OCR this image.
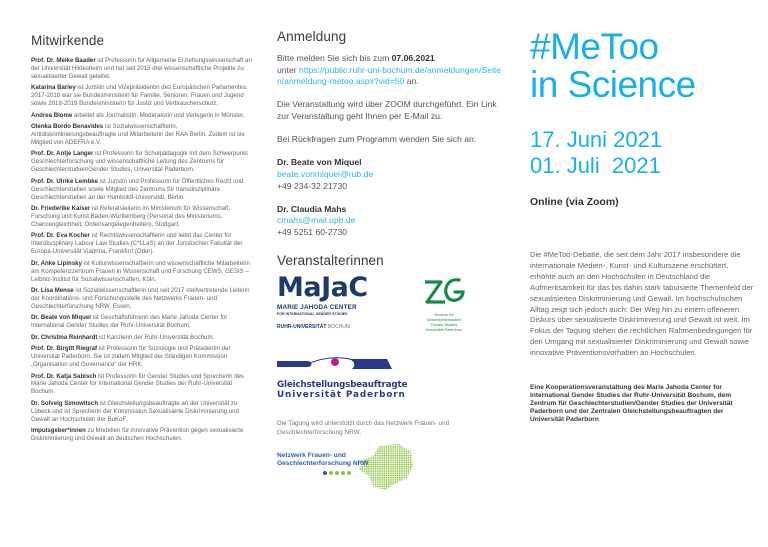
Mitwirkende

Prof. Dr. Meike Baader ist Professorin für Allgemeine Erziehungswissenschaft an der Universität Hildesheim und hat seit 2015 drei wissenschaftliche Projekte zu sexualisierter Gewalt geleitet.

Katarina Barley ist Juristin und Vizepräsidentin des Europäischen Parlamentes. 2017-2018 war sie Bundesministerin für Familie, Senioren, Frauen und Jugend sowie 2018-2019 Bundesministerin für Justiz und Verbraucherschutz.

Andrea Blome arbeitet als Journalistin, Moderatorin und Verlegerin in Münster.

Olenka Bordo Benavides ist Sozialwissenschaftlerin, Antidiskriminierungsbeauftragte und Mitarbeiterin der RAA Berlin. Zudem ist sie Mitglied von ADEFRA e.V.

Prof. Dr. Antje Langer ist Professorin für Schulpädagogik mit dem Schwerpunkt Geschlechterforschung und wissenschaftliche Leitung des Zentrums für Geschlechterstudien/Gender Studies, Universität Paderborn.

Prof. Dr. Ulrike Lembke ist Juristin und Professorin für Öffentliches Recht und Geschlechterstudien sowie Mitglied des Zentrums für transdisziplinäre Geschlechterstudien an der Humboldt-Universität, Berlin.

Dr. Friederike Kaiser ist Referatsleiterin im Ministerium für Wissenschaft, Forschung und Kunst Baden-Württemberg (Personal des Ministeriums, Chancengleichheit, Ordensangelegenheiten), Stuttgart.

Prof. Dr. Eva Kocher ist Rechtswissenschaftlerin und leitet das Center for Interdisciplinary Labour Law Studies (C*LLaS) an der Juristischen Fakultät der Europa-Universität Viadrina, Frankfurt (Oder).

Dr. Anke Lipinsky ist Kulturwissenschaftlerin und wissenschaftliche Mitarbeiterin am Kompetenzzentrum Frauen in Wissenschaft und Forschung CEWS, GESIS – Leibniz-Institut für Sozialwissenschaften, Köln.

Dr. Lisa Mense ist Sozialwissenschaftlerin und seit 2017 stellvertretende Leiterin der Koordinations- und Forschungsstelle des Netzwerks Frauen- und Geschlechterforschung NRW, Essen.

Dr. Beate von Miquel ist Geschäftsführerin des Marie Jahoda Center for International Gender Studies der Ruhr-Universität Bochum.

Dr. Christina Reinhardt ist Kanzlerin der Ruhr-Universität Bochum.

Prof. Dr. Birgitt Riegraf ist Professorin für Soziologie und Präsidentin der Universität Paderborn. Sie ist zudem Mitglied der Ständigen Kommission „Organisation und Governance“ der HRK.

Prof. Dr. Katja Sabisch ist Professorin für Gender Studies und Sprecherin des Marie Jahoda Center for International Gender Studies der Ruhr-Universität Bochum.

Dr. Solveig Simowitsch ist Gleichstellungsbeauftragte an der Universität zu Lübeck und ist Sprecherin der Kommission Sexualisierte Diskriminierung und Gewalt an Hochschulen der BuKoF.

Impulsgeber*innen zu Modellen für innovative Prävention gegen sexualisierte Diskriminierung und Gewalt an deutschen Hochschulen.

Anmeldung

Bitte melden Sie sich bis zum 07.06.2021
unter https://public.ruhr-uni-bochum.de/anmeldungen/Seiten/anmeldung-metoo.aspx?vid=50 an.

Die Veranstaltung wird über ZOOM durchgeführt. Ein Link zur Veranstaltung geht Ihnen per E-Mail zu.

Bei Rückfragen zum Programm wenden Sie sich an:

Dr. Beate von Miquel
beate.vonmiquel@rub.de
+49 234-32 21730
Dr. Claudia Mahs
cmahs@mail.upb.de
+49 5251 60-2730
Veranstalterinnen
MaJaC
MARIE JAHODA CENTER
FOR INTERNATIONAL GENDER STUDIES
RUHR-UNIVERSITÄT BOCHUM
Zentrum für
Geschlechterstudien
Gender Studies
Universität Paderborn
Gleichstellungsbeauftragte
Universität Paderborn

Die Tagung wird unterstützt durch das Netzwerk Frauen- und Geschlechterforschung NRW.

Netzwerk Frauen- und
Geschlechterforschung NRW
#MeToo
in Science
17. Juni 2021
01. Juli  2021
Online (via Zoom)

Die #MeToo-Debatte, die seit dem Jahr 2017 insbesondere die internationale Medien-, Kunst- und Kulturszene erschüttert, erhöhte auch an den Hochschulen in Deutschland die Aufmerksamkeit für das bis dahin stark tabuisierte Themenfeld der sexualisierten Diskriminierung und Gewalt. Im hochschulischen Alltag zeigt sich jedoch auch: Der Weg hin zu einem offeneren Diskurs über sexualisierte Diskriminierung und Gewalt ist weit. Im Fokus der Tagung stehen die rechtlichen Rahmenbedingungen für den Umgang mit sexualisierter Diskriminierung und Gewalt sowie innovative Präventionsvorhaben an Hochschulen.

Eine Kooperationsveranstaltung des Marie Jahoda Center for International Gender Studies der Ruhr-Universität Bochum, dem Zentrum für Geschlechterstudien/Gender Studies der Universität Paderborn und der Zentralen Gleichstellungsbeauftragten der Universität Paderborn
